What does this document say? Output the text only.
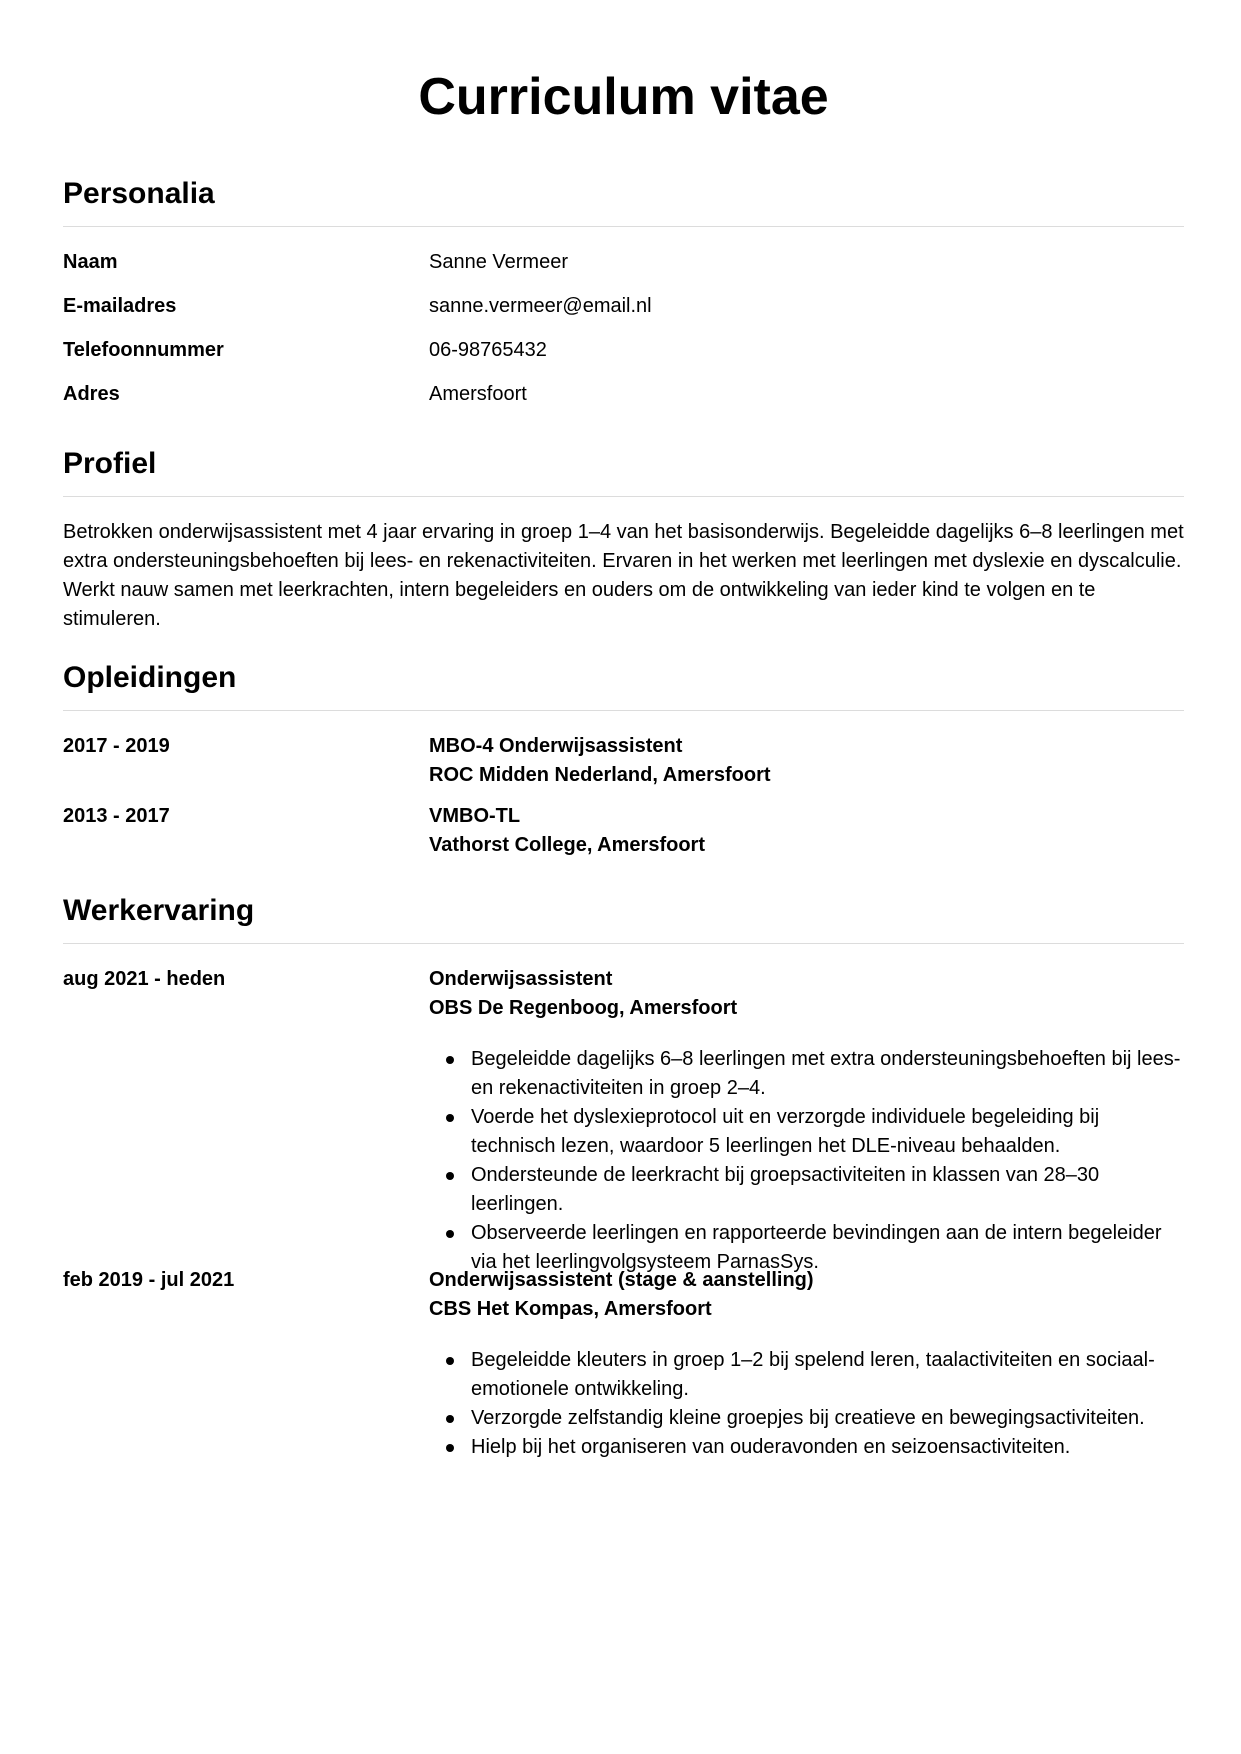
Curriculum vitae
Personalia
Naam	Sanne Vermeer
E-mailadres	sanne.vermeer@email.nl
Telefoonnummer	06-98765432
Adres	Amersfoort
Profiel
Betrokken onderwijsassistent met 4 jaar ervaring in groep 1–4 van het basisonderwijs. Begeleidde dagelijks 6–8 leerlingen met extra ondersteuningsbehoeften bij lees- en rekenactiviteiten. Ervaren in het werken met leerlingen met dyslexie en dyscalculie. Werkt nauw samen met leerkrachten, intern begeleiders en ouders om de ontwikkeling van ieder kind te volgen en te stimuleren.
Opleidingen
2017 - 2019	MBO-4 Onderwijsassistent
ROC Midden Nederland, Amersfoort
2013 - 2017	VMBO-TL
Vathorst College, Amersfoort
Werkervaring
aug 2021 - heden	Onderwijsassistent
OBS De Regenboog, Amersfoort
Begeleidde dagelijks 6–8 leerlingen met extra ondersteuningsbehoeften bij lees- en rekenactiviteiten in groep 2–4.
Voerde het dyslexieprotocol uit en verzorgde individuele begeleiding bij technisch lezen, waardoor 5 leerlingen het DLE-niveau behaalden.
Ondersteunde de leerkracht bij groepsactiviteiten in klassen van 28–30 leerlingen.
Observeerde leerlingen en rapporteerde bevindingen aan de intern begeleider via het leerlingvolgsysteem ParnasSys.
feb 2019 - jul 2021	Onderwijsassistent (stage & aanstelling)
CBS Het Kompas, Amersfoort
Begeleidde kleuters in groep 1–2 bij spelend leren, taalactiviteiten en sociaal-emotionele ontwikkeling.
Verzorgde zelfstandig kleine groepjes bij creatieve en bewegingsactiviteiten.
Hielp bij het organiseren van ouderavonden en seizoensactiviteiten.
